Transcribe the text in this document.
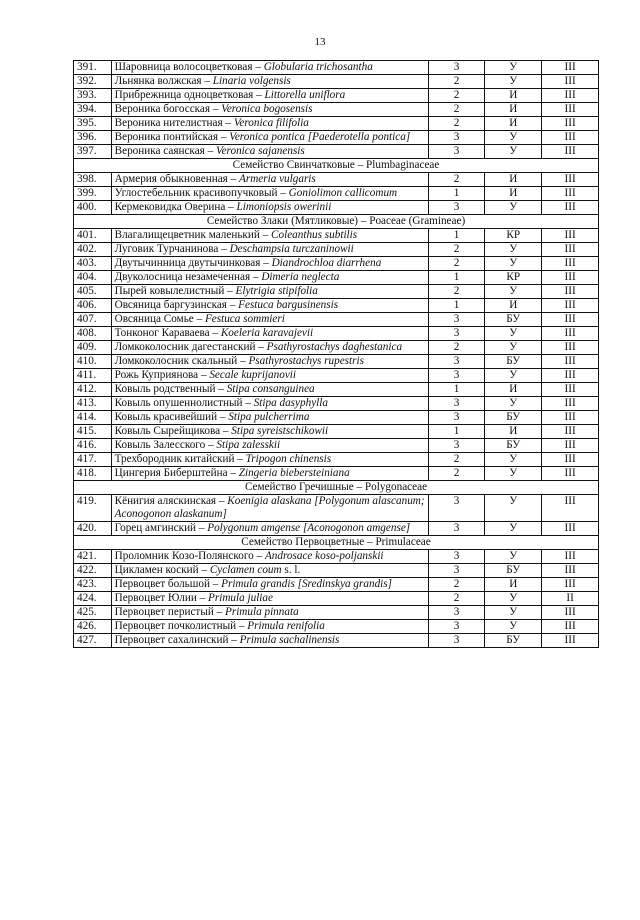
13
391.	Шаровница волосоцветковая – Globularia trichosantha	3	У	III
392.	Льнянка волжская – Linaria volgensis	2	У	III
393.	Прибрежница одноцветковая – Littorella uniflora	2	И	III
394.	Вероника богосская – Veronica bogosensis	2	И	III
395.	Вероника нителистная – Veronica filifolia	2	И	III
396.	Вероника понтийская – Veronica pontica [Paederotella pontica]	3	У	III
397.	Вероника саянская – Veronica sajanensis	3	У	III
Семейство Свинчатковые – Plumbaginaceae				
398.	Армерия обыкновенная – Armeria vulgaris	2	И	III
399.	Углостебельник красивопучковый – Goniolimon callicomum	1	И	III
400.	Кермековидка Оверина – Limoniopsis owerinii	3	У	III
Семейство Злаки (Мятликовые) – Poaceae (Gramineae)				
401.	Влагалищецветник маленький – Coleanthus subtilis	1	КР	III
402.	Луговик Турчанинова – Deschampsia turczaninowii	2	У	III
403.	Двутычинница двутычинковая – Diandrochloa diarrhena	2	У	III
404.	Двуколосница незамеченная – Dimeria neglecta	1	КР	III
405.	Пырей ковылелистный – Elytrigia stipifolia	2	У	III
406.	Овсяница баргузинская – Festuca bargusinensis	1	И	III
407.	Овсяница Сомье – Festuca sommieri	3	БУ	III
408.	Тонконог Караваева – Koeleria karavajevii	3	У	III
409.	Ломкоколосник дагестанский – Psathyrostachys daghestanica	2	У	III
410.	Ломкоколосник скальный – Psathyrostachys rupestris	3	БУ	III
411.	Рожь Куприянова – Secale kuprijanovii	3	У	III
412.	Ковыль родственный – Stipa consanguinea	1	И	III
413.	Ковыль опушеннолистный – Stipa dasyphylla	3	У	III
414.	Ковыль красивейший – Stipa pulcherrima	3	БУ	III
415.	Ковыль Сырейщикова – Stipa syreistschikowii	1	И	III
416.	Ковыль Залесского – Stipa zalesskii	3	БУ	III
417.	Трехбородник китайский – Tripogon chinensis	2	У	III
418.	Цингерия Биберштейна – Zingeria biebersteiniana	2	У	III
Семейство Гречишные – Polygonaceae				
419.	Кёнигия аляскинская – Koenigia alaskana [Polygonum alascanum; Aconogonon alaskanum]	3	У	III
420.	Горец амгинский – Polygonum amgense [Aconogonon amgense]	3	У	III
Семейство Первоцветные – Primulaceae				
421.	Проломник Козо-Полянского – Androsace koso-poljanskii	3	У	III
422.	Цикламен коский – Cyclamen coum s. l.	3	БУ	III
423.	Первоцвет большой – Primula grandis [Sredinskya grandis]	2	И	III
424.	Первоцвет Юлии – Primula juliae	2	У	II
425.	Первоцвет перистый – Primula pinnata	3	У	III
426.	Первоцвет почколистный – Primula renifolia	3	У	III
427.	Первоцвет сахалинский – Primula sachalinensis	3	БУ	III
